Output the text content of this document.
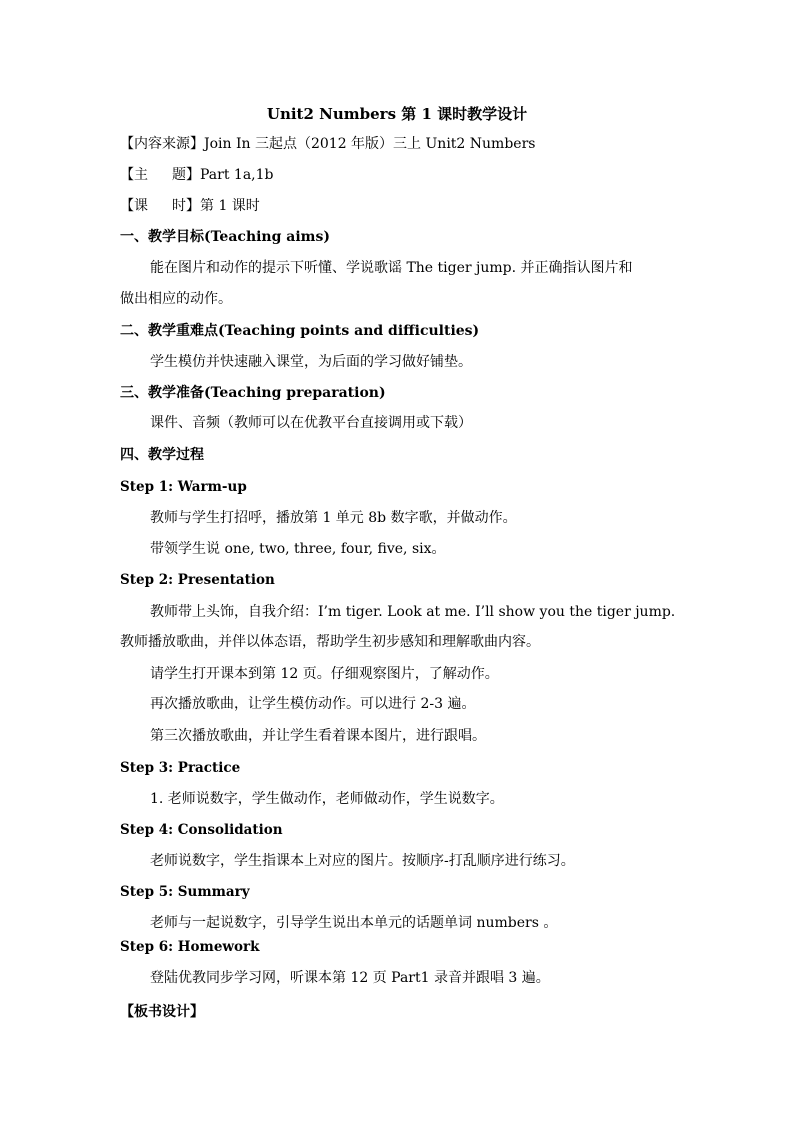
Unit2 Numbers 第 1 课时教学设计
【内容来源】Join In 三起点（2012 年版）三上 Unit2 Numbers
【主 题】Part 1a,1b
【课 时】第 1 课时
一、教学目标(Teaching aims)
能在图片和动作的提示下听懂、学说歌谣 The tiger jump. 并正确指认图片和
做出相应的动作。
二、教学重难点(Teaching points and difficulties)
学生模仿并快速融入课堂，为后面的学习做好铺垫。
三、教学准备(Teaching preparation)
课件、音频（教师可以在优教平台直接调用或下载）
四、教学过程
Step 1: Warm-up
教师与学生打招呼，播放第 1 单元 8b 数字歌，并做动作。
带领学生说 one, two, three, four, five, six。
Step 2: Presentation
教师带上头饰，自我介绍：I’m tiger. Look at me. I’ll show you the tiger jump.
教师播放歌曲，并伴以体态语，帮助学生初步感知和理解歌曲内容。
请学生打开课本到第 12 页。仔细观察图片，了解动作。
再次播放歌曲，让学生模仿动作。可以进行 2-3 遍。
第三次播放歌曲，并让学生看着课本图片，进行跟唱。
Step 3: Practice
1. 老师说数字，学生做动作，老师做动作，学生说数字。
Step 4: Consolidation
老师说数字，学生指课本上对应的图片。按顺序-打乱顺序进行练习。
Step 5: Summary
老师与一起说数字，引导学生说出本单元的话题单词 numbers 。
Step 6: Homework
登陆优教同步学习网，听课本第 12 页 Part1 录音并跟唱 3 遍。
【板书设计】
